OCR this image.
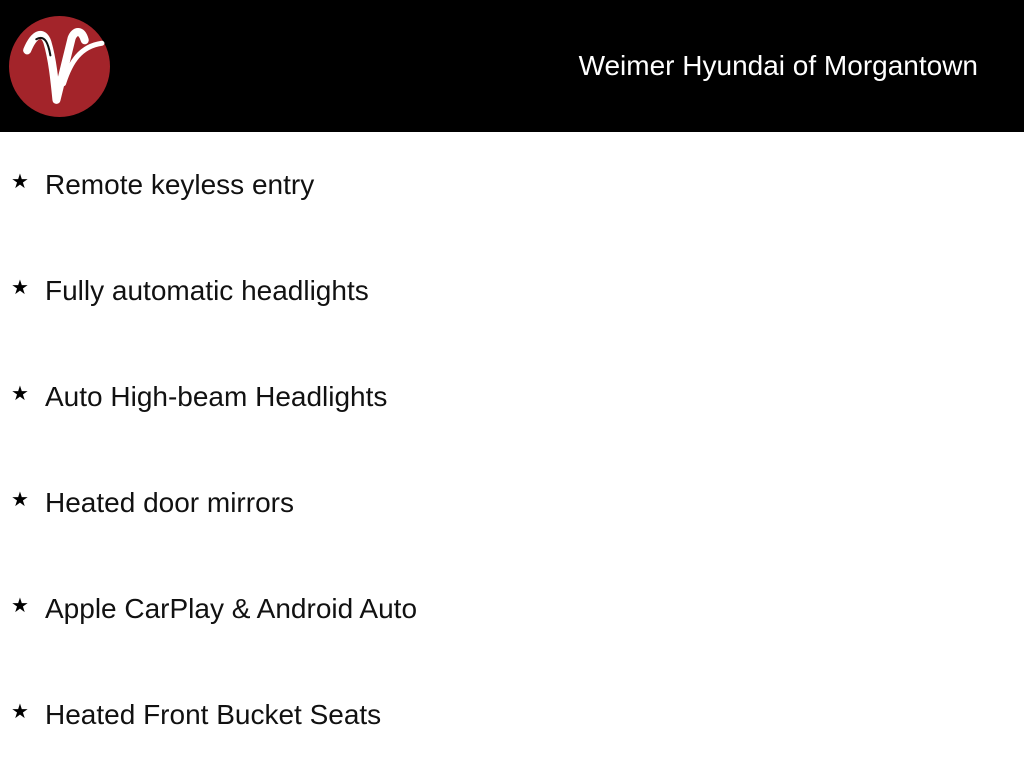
Weimer Hyundai of Morgantown
★ Remote keyless entry
★ Fully automatic headlights
★ Auto High-beam Headlights
★ Heated door mirrors
★ Apple CarPlay & Android Auto
★ Heated Front Bucket Seats
